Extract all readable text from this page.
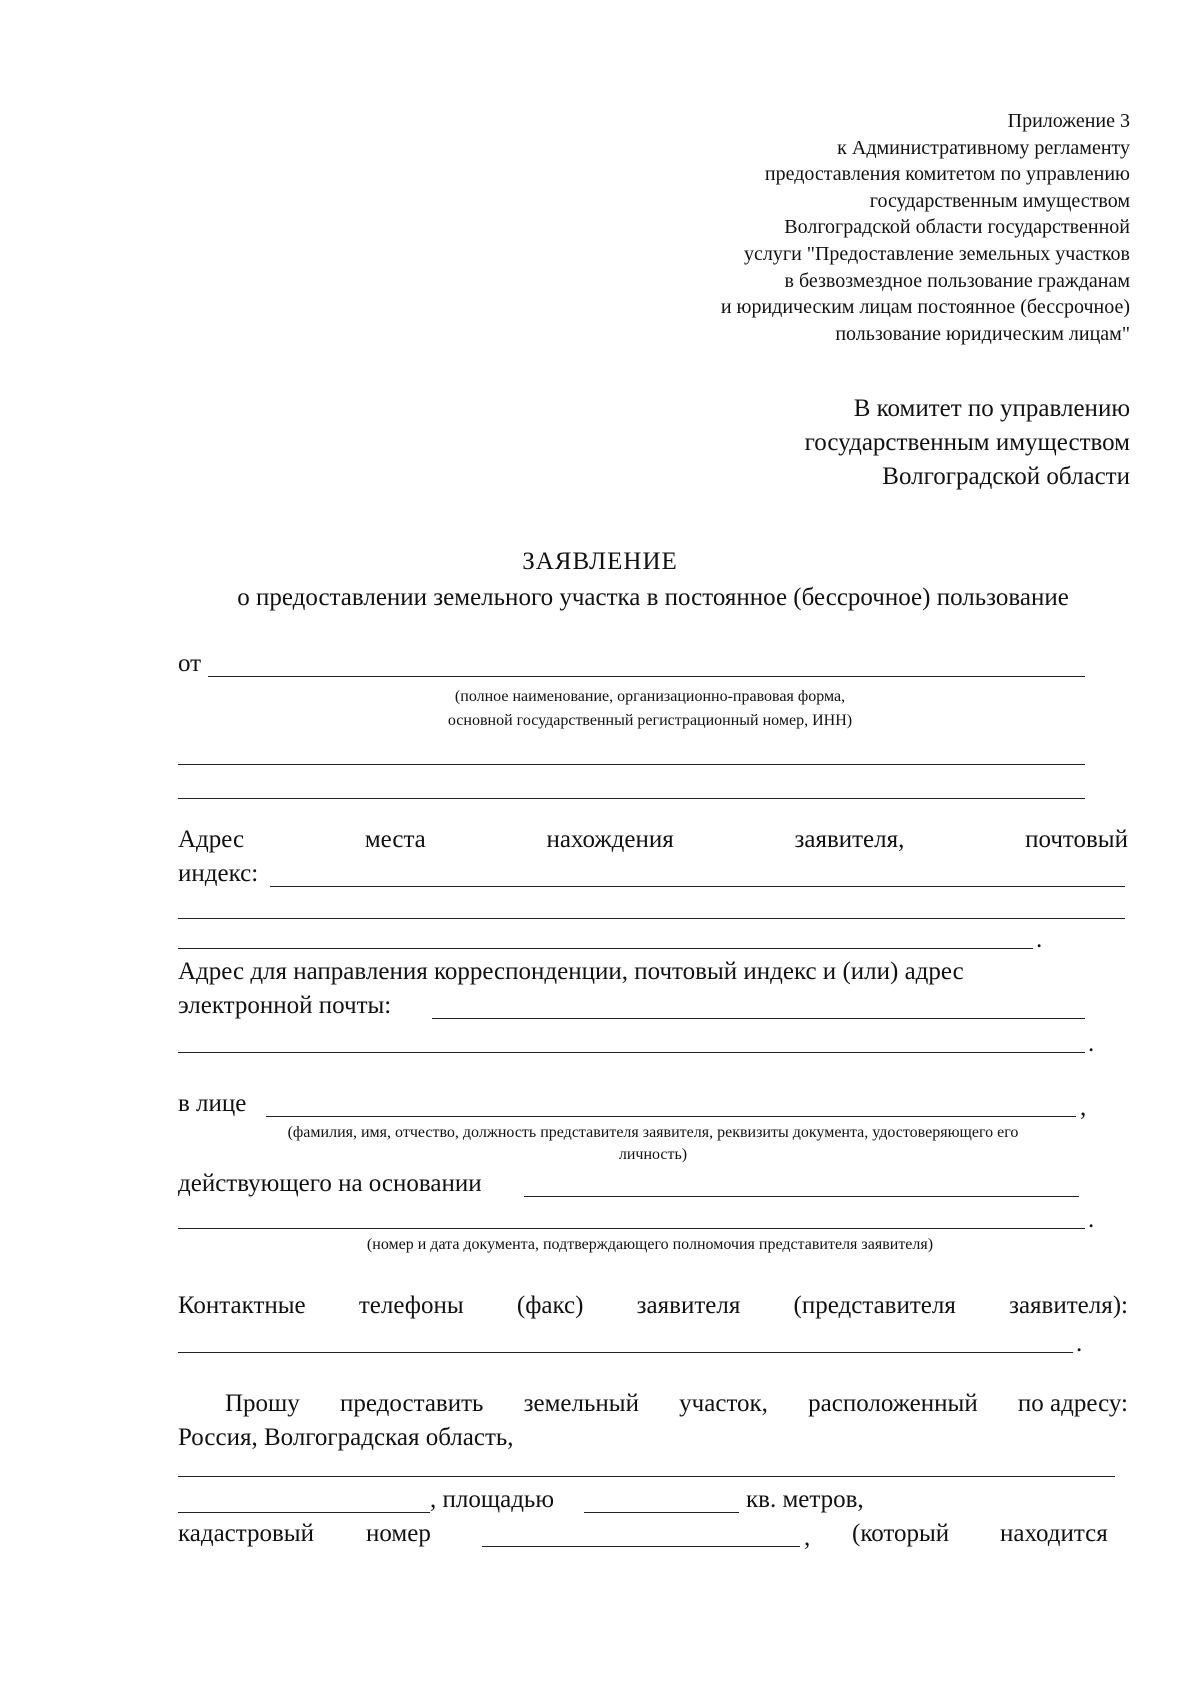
Приложение 3
к Административному регламенту
предоставления комитетом по управлению
государственным имуществом
Волгоградской области государственной
услуги "Предоставление земельных участков
в безвозмездное пользование гражданам
и юридическим лицам постоянное (бессрочное)
пользование юридическим лицам"
В комитет по управлению
государственным имуществом
Волгоградской области
ЗАЯВЛЕНИЕ
о предоставлении земельного участка в постоянное (бессрочное) пользование
от
(полное наименование, организационно-правовая форма,
основной государственный регистрационный номер, ИНН)
Адрес	места	нахождения	заявителя,	почтовый
индекс:
.
Адрес для направления корреспонденции, почтовый индекс и (или) адрес
электронной почты:
.
в лице	,
(фамилия, имя, отчество, должность представителя заявителя, реквизиты документа, удостоверяющего его
личность)
действующего на основании
.
(номер и дата документа, подтверждающего полномочия представителя заявителя)
Контактные телефоны (факс) заявителя (представителя заявителя):
.
Прошу предоставить земельный участок, расположенный по адресу:
Россия, Волгоградская область,
, площадью	кв. метров,
кадастровый номер	, (который находится
